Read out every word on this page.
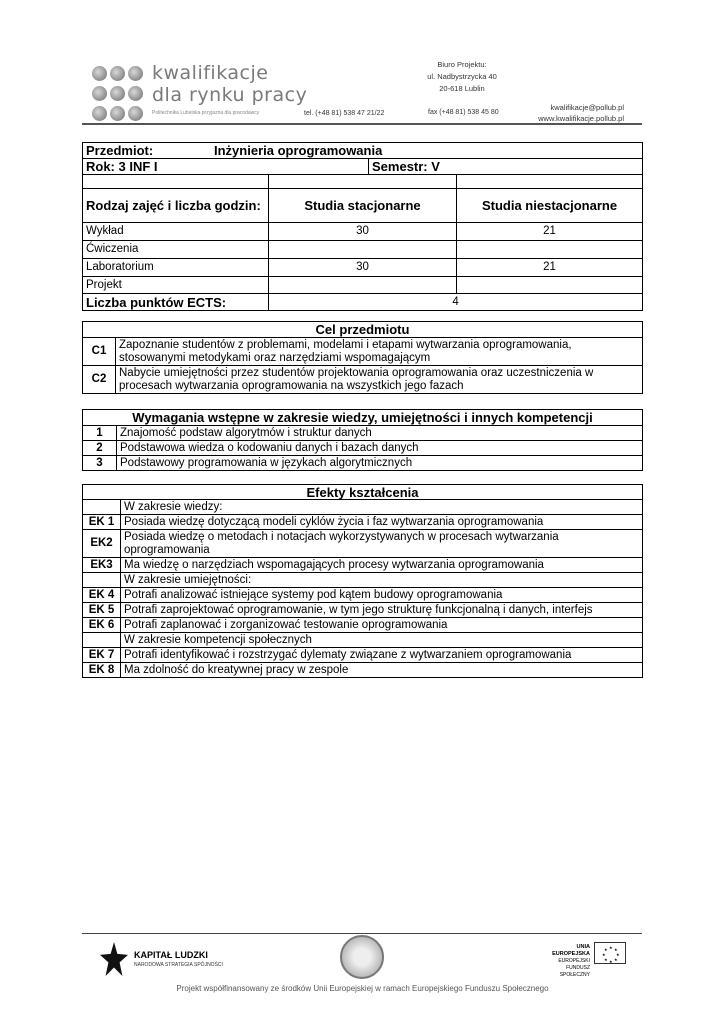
kwalifikacje
dla rynku pracy
Politechnika Lubelska przyjazna dla pracodawcy
Biuro Projektu:
ul. Nadbystrzycka 40
20-618 Lublin
tel. (+48 81) 538 47 21/22	fax (+48 81) 538 45 80
kwalifikacje@pollub.pl
www.kwalifikacje.pollub.pl
Przedmiot: Inżynieria oprogramowania			
Rok: 3 INF I		Semestr: V	

Rodzaj zajęć i liczba godzin:	Studia stacjonarne		Studia niestacjonarne
Wykład	30		21
Ćwiczenia			
Laboratorium	30		21
Projekt			
Liczba punktów ECTS:	4		
Cel przedmiotu	
C1	Zapoznanie studentów z problemami, modelami i etapami wytwarzania oprogramowania, stosowanymi metodykami oraz narzędziami wspomagającym
C2	Nabycie umiejętności przez studentów projektowania oprogramowania oraz uczestniczenia w procesach wytwarzania oprogramowania na wszystkich jego fazach
Wymagania wstępne w zakresie wiedzy, umiejętności i innych kompetencji	
1	Znajomość podstaw algorytmów i struktur danych
2	Podstawowa wiedza o kodowaniu danych i bazach danych
3	Podstawowy programowania w językach algorytmicznych
Efekty kształcenia	
	W zakresie wiedzy:
EK 1	Posiada wiedzę dotyczącą modeli cyklów życia i faz wytwarzania oprogramowania
EK2	Posiada wiedzę o metodach i notacjach wykorzystywanych w procesach wytwarzania oprogramowania
EK3	Ma wiedzę o narzędziach wspomagających procesy wytwarzania oprogramowania
	W zakresie umiejętności:
EK 4	Potrafi analizować istniejące systemy pod kątem budowy oprogramowania
EK 5	Potrafi zaprojektować oprogramowanie, w tym jego strukturę funkcjonalną i danych, interfejs
EK 6	Potrafi zaplanować i zorganizować testowanie oprogramowania
	W zakresie kompetencji społecznych
EK 7	Potrafi identyfikować i rozstrzygać dylematy związane z wytwarzaniem oprogramowania
EK 8	Ma zdolność do kreatywnej pracy w zespole
KAPITAŁ LUDZKI
NARODOWA STRATEGIA SPÓJNOŚCI
UNIA EUROPEJSKA
EUROPEJSKI
FUNDUSZ SPOŁECZNY
★ ★
★
★
★
★
★
★
Projekt współfinansowany ze środków Unii Europejskiej w ramach Europejskiego Funduszu Społecznego
